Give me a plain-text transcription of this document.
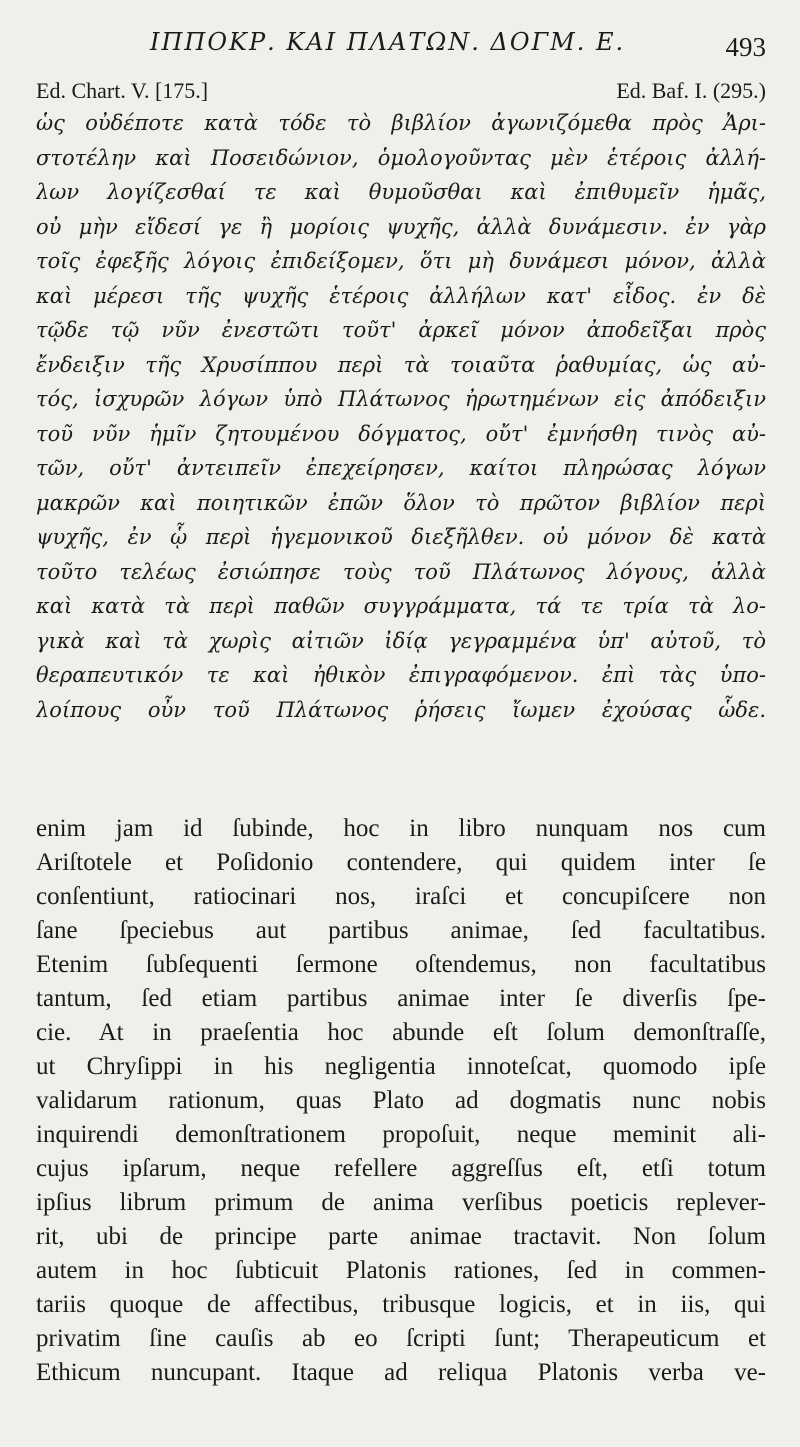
ΙΠΠΟΚΡ. ΚΑΙ ΠΛΑΤΩΝ. ΔΟΓΜ. Ε.	493
Ed. Chart. V. [175.]	Ed. Baf. I. (295.)
ὡς οὐδέποτε κατὰ τόδε τὸ βιβλίον ἀγωνιζόμεθα πρὸς Ἀρι-
στοτέλην καὶ Ποσειδώνιον, ὁμολογοῦντας μὲν ἑτέροις ἀλλή-
λων λογίζεσθαί τε καὶ θυμοῦσθαι καὶ ἐπιθυμεῖν ἡμᾶς,
οὐ μὴν εἴδεσί γε ἢ μορίοις ψυχῆς, ἀλλὰ δυνάμεσιν. ἐν γὰρ
τοῖς ἐφεξῆς λόγοις ἐπιδείξομεν, ὅτι μὴ δυνάμεσι μόνον, ἀλλὰ
καὶ μέρεσι τῆς ψυχῆς ἑτέροις ἀλλήλων κατ' εἶδος. ἐν δὲ
τῷδε τῷ νῦν ἐνεστῶτι τοῦτ' ἀρκεῖ μόνον ἀποδεῖξαι πρὸς
ἔνδειξιν τῆς Χρυσίππου περὶ τὰ τοιαῦτα ῥαθυμίας, ὡς αὐ-
τός, ἰσχυρῶν λόγων ὑπὸ Πλάτωνος ἠρωτημένων εἰς ἀπόδειξιν
τοῦ νῦν ἡμῖν ζητουμένου δόγματος, οὔτ' ἐμνήσθη τινὸς αὐ-
τῶν, οὔτ' ἀντειπεῖν ἐπεχείρησεν, καίτοι πληρώσας λόγων
μακρῶν καὶ ποιητικῶν ἐπῶν ὅλον τὸ πρῶτον βιβλίον περὶ
ψυχῆς, ἐν ᾧ περὶ ἡγεμονικοῦ διεξῆλθεν. οὐ μόνον δὲ κατὰ
τοῦτο τελέως ἐσιώπησε τοὺς τοῦ Πλάτωνος λόγους, ἀλλὰ
καὶ κατὰ τὰ περὶ παθῶν συγγράμματα, τά τε τρία τὰ λο-
γικὰ καὶ τὰ χωρὶς αἰτιῶν ἰδίᾳ γεγραμμένα ὑπ' αὐτοῦ, τὸ
θεραπευτικόν τε καὶ ἠθικὸν ἐπιγραφόμενον. ἐπὶ τὰς ὑπο-
λοίπους οὖν τοῦ Πλάτωνος ῥήσεις ἴωμεν ἐχούσας ὧδε.
enim jam id ſubinde, hoc in libro nunquam nos cum
Ariſtotele et Poſidonio contendere, qui quidem inter ſe
conſentiunt, ratiocinari nos, iraſci et concupiſcere non
ſane ſpeciebus aut partibus animae, ſed facultatibus.
Etenim ſubſequenti ſermone oſtendemus, non facultatibus
tantum, ſed etiam partibus animae inter ſe diverſis ſpe-
cie. At in praeſentia hoc abunde eſt ſolum demonſtraſſe,
ut Chryſippi in his negligentia innoteſcat, quomodo ipſe
validarum rationum, quas Plato ad dogmatis nunc nobis
inquirendi demonſtrationem propoſuit, neque meminit ali-
cujus ipſarum, neque refellere aggreſſus eſt, etſi totum
ipſius librum primum de anima verſibus poeticis replever-
rit, ubi de principe parte animae tractavit. Non ſolum
autem in hoc ſubticuit Platonis rationes, ſed in commen-
tariis quoque de affectibus, tribusque logicis, et in iis, qui
privatim ſine cauſis ab eo ſcripti ſunt; Therapeuticum et
Ethicum nuncupant. Itaque ad reliqua Platonis verba ve-
